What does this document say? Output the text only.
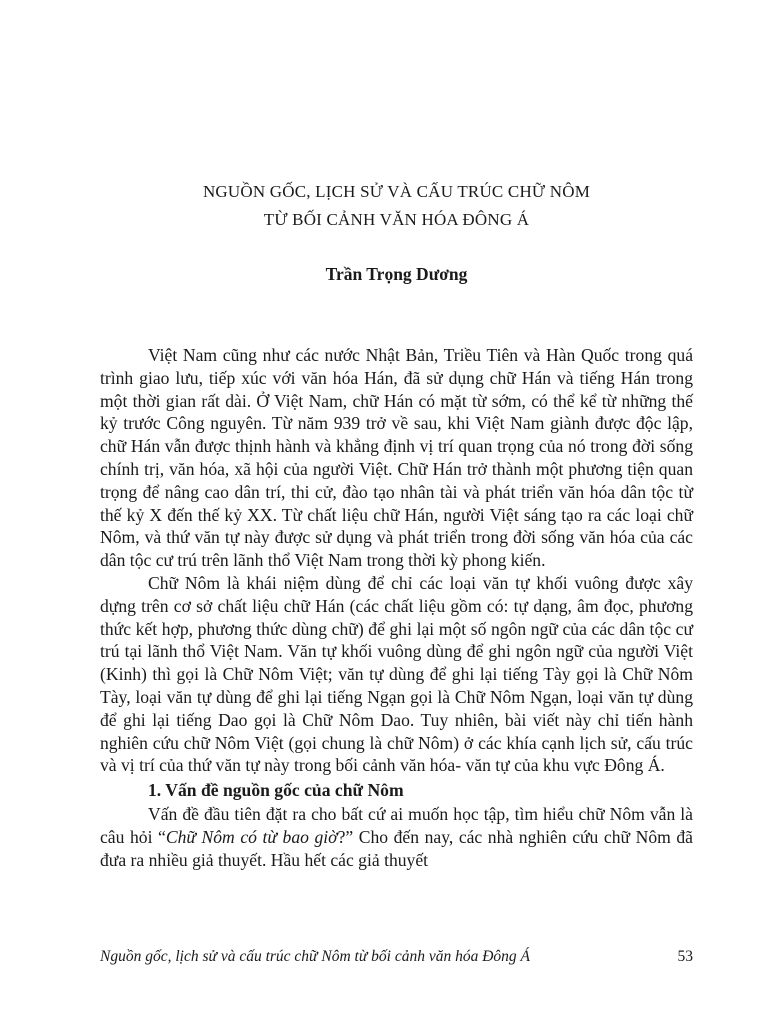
NGUỒN GỐC, LỊCH SỬ VÀ CẤU TRÚC CHỮ NÔM
TỪ BỐI CẢNH VĂN HÓA ĐÔNG Á

Trần Trọng Dương

Việt Nam cũng như các nước Nhật Bản, Triều Tiên và Hàn Quốc trong quá trình giao lưu, tiếp xúc với văn hóa Hán, đã sử dụng chữ Hán và tiếng Hán trong một thời gian rất dài. Ở Việt Nam, chữ Hán có mặt từ sớm, có thể kể từ những thế kỷ trước Công nguyên. Từ năm 939 trở về sau, khi Việt Nam giành được độc lập, chữ Hán vẫn được thịnh hành và khẳng định vị trí quan trọng của nó trong đời sống chính trị, văn hóa, xã hội của người Việt. Chữ Hán trở thành một phương tiện quan trọng để nâng cao dân trí, thi cử, đào tạo nhân tài và phát triển văn hóa dân tộc từ thế kỷ X đến thế kỷ XX. Từ chất liệu chữ Hán, người Việt sáng tạo ra các loại chữ Nôm, và thứ văn tự này được sử dụng và phát triển trong đời sống văn hóa của các dân tộc cư trú trên lãnh thổ Việt Nam trong thời kỳ phong kiến.

Chữ Nôm là khái niệm dùng để chỉ các loại văn tự khối vuông được xây dựng trên cơ sở chất liệu chữ Hán (các chất liệu gồm có: tự dạng, âm đọc, phương thức kết hợp, phương thức dùng chữ) để ghi lại một số ngôn ngữ của các dân tộc cư trú tại lãnh thổ Việt Nam. Văn tự khối vuông dùng để ghi ngôn ngữ của người Việt (Kinh) thì gọi là Chữ Nôm Việt; văn tự dùng để ghi lại tiếng Tày gọi là Chữ Nôm Tày, loại văn tự dùng để ghi lại tiếng Ngạn gọi là Chữ Nôm Ngạn, loại văn tự dùng để ghi lại tiếng Dao gọi là Chữ Nôm Dao. Tuy nhiên, bài viết này chỉ tiến hành nghiên cứu chữ Nôm Việt (gọi chung là chữ Nôm) ở các khía cạnh lịch sử, cấu trúc và vị trí của thứ văn tự này trong bối cảnh văn hóa- văn tự của khu vực Đông Á.

1. Vấn đề nguồn gốc của chữ Nôm

Vấn đề đầu tiên đặt ra cho bất cứ ai muốn học tập, tìm hiểu chữ Nôm vẫn là câu hỏi “Chữ Nôm có từ bao giờ?” Cho đến nay, các nhà nghiên cứu chữ Nôm đã đưa ra nhiều giả thuyết. Hầu hết các giả thuyết

Nguồn gốc, lịch sử và cấu trúc chữ Nôm từ bối cảnh văn hóa Đông Á	53
